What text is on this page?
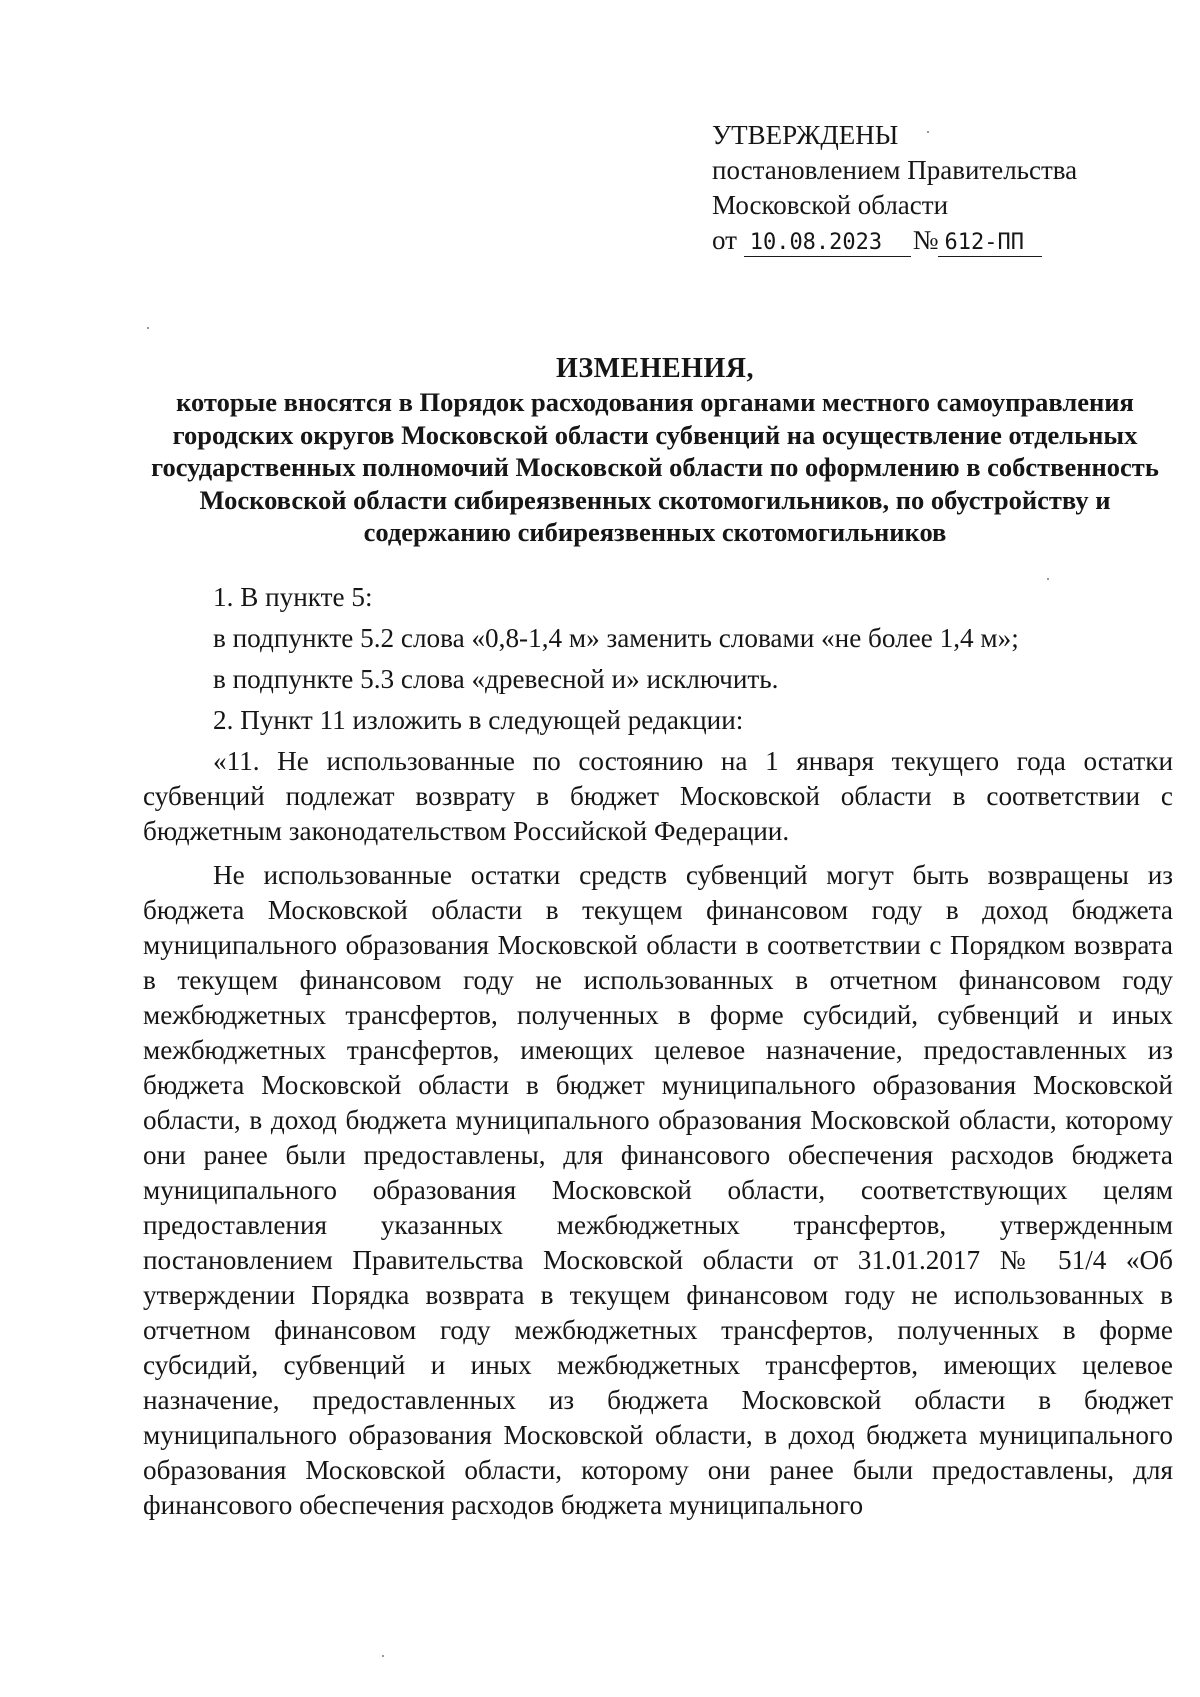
УТВЕРЖДЕНЫ
постановлением Правительства
Московской области
от 10.08.2023 № 612-ПП
ИЗМЕНЕНИЯ,
которые вносятся в Порядок расходования органами местного самоуправления городских округов Московской области субвенций на осуществление отдельных государственных полномочий Московской области по оформлению в собственность Московской области сибиреязвенных скотомогильников, по обустройству и содержанию сибиреязвенных скотомогильников

1. В пункте 5:

в подпункте 5.2 слова «0,8-1,4 м» заменить словами «не более 1,4 м»;

в подпункте 5.3 слова «древесной и» исключить.

2. Пункт 11 изложить в следующей редакции:

«11. Не использованные по состоянию на 1 января текущего года остатки субвенций подлежат возврату в бюджет Московской области в соответствии с бюджетным законодательством Российской Федерации.

Не использованные остатки средств субвенций могут быть возвращены из бюджета Московской области в текущем финансовом году в доход бюджета муниципального образования Московской области в соответствии с Порядком возврата в текущем финансовом году не использованных в отчетном финансовом году межбюджетных трансфертов, полученных в форме субсидий, субвенций и иных межбюджетных трансфертов, имеющих целевое назначение, предоставленных из бюджета Московской области в бюджет муниципального образования Московской области, в доход бюджета муниципального образования Московской области, которому они ранее были предоставлены, для финансового обеспечения расходов бюджета муниципального образования Московской области, соответствующих целям предоставления указанных межбюджетных трансфертов, утвержденным постановлением Правительства Московской области от 31.01.2017 № 51/4 «Об утверждении Порядка возврата в текущем финансовом году не использованных в отчетном финансовом году межбюджетных трансфертов, полученных в форме субсидий, субвенций и иных межбюджетных трансфертов, имеющих целевое назначение, предоставленных из бюджета Московской области в бюджет муниципального образования Московской области, в доход бюджета муниципального образования Московской области, которому они ранее были предоставлены, для финансового обеспечения расходов бюджета муниципального
